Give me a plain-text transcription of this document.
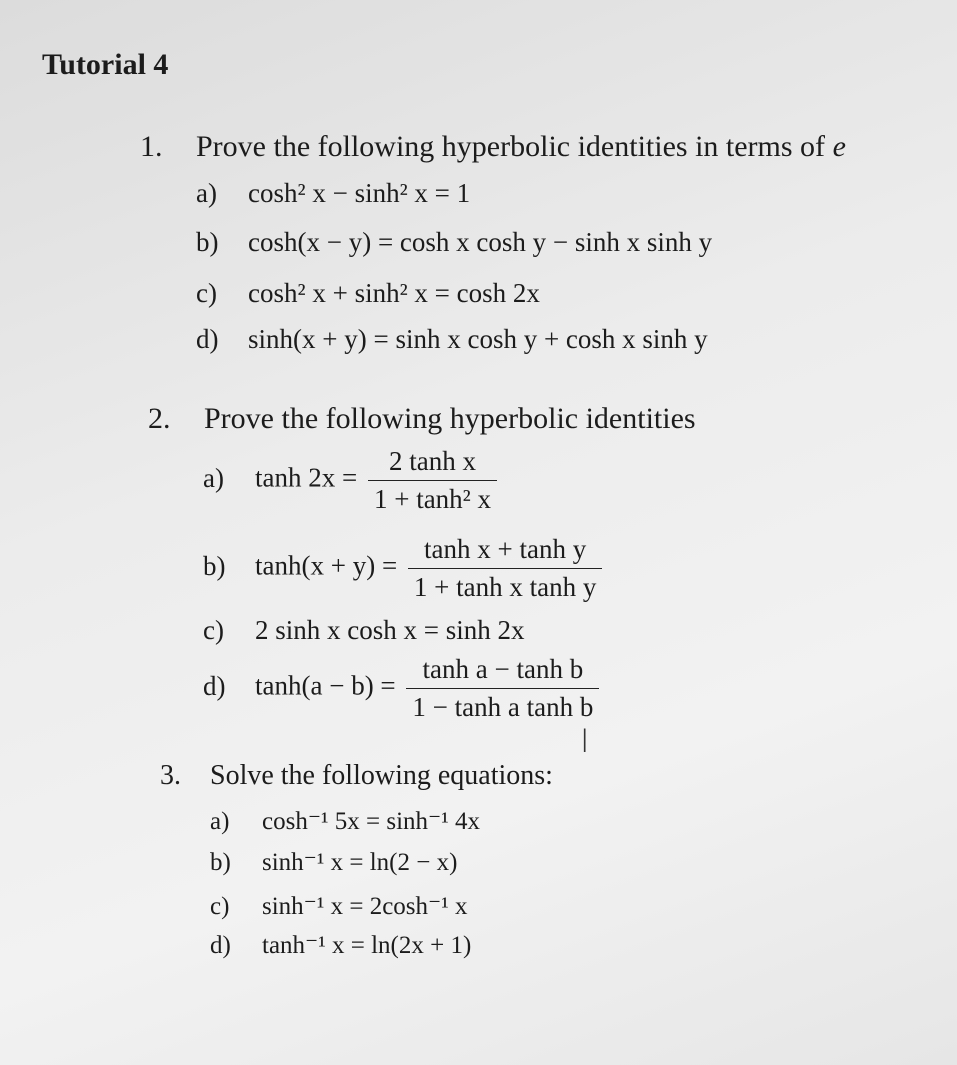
Tutorial 4
1. Prove the following hyperbolic identities in terms of e
a) cosh² x − sinh² x = 1
b) cosh(x − y) = cosh x cosh y − sinh x sinh y
c) cosh² x + sinh² x = cosh 2x
d) sinh(x + y) = sinh x cosh y + cosh x sinh y
2. Prove the following hyperbolic identities
a) $\tanh 2x = \frac{\text{2 tanh x}}{\text{1 + tanh² x}}$
b) $\tanh(x + y) = \frac{\text{tanh x + tanh y}}{\text{1 + tanh x tanh y}}$
c) 2 sinh x cosh x = sinh 2x
d) $\tanh(a - b) = \frac{\text{tanh a − tanh b}}{\text{1 − tanh a tanh b}}$
I
3. Solve the following equations:
a) cosh⁻¹ 5x = sinh⁻¹ 4x
b) sinh⁻¹ x = ln(2 − x)
c) sinh⁻¹ x = 2cosh⁻¹ x
d) tanh⁻¹ x = ln(2x + 1)
